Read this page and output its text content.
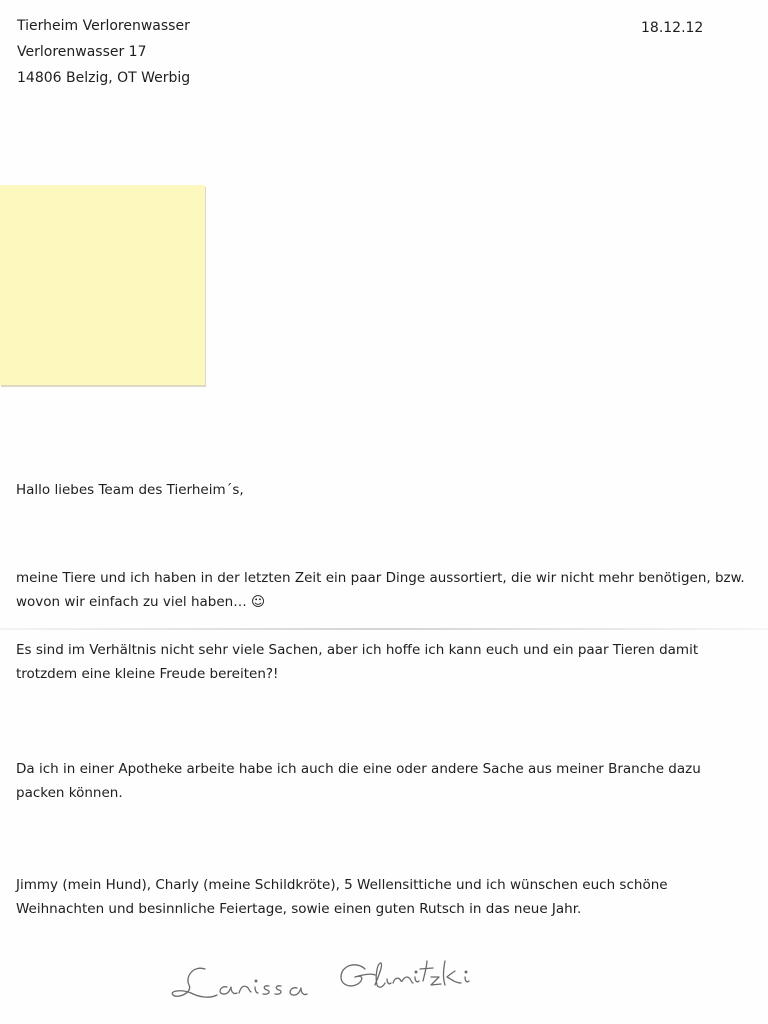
Tierheim Verlorenwasser
Verlorenwasser 17
14806 Belzig, OT Werbig
18.12.12

Hallo liebes Team des Tierheim´s,

meine Tiere und ich haben in der letzten Zeit ein paar Dinge aussortiert, die wir nicht mehr benötigen, bzw. wovon wir einfach zu viel haben… ☺

Es sind im Verhältnis nicht sehr viele Sachen, aber ich hoffe ich kann euch und ein paar Tieren damit trotzdem eine kleine Freude bereiten?!

Da ich in einer Apotheke arbeite habe ich auch die eine oder andere Sache aus meiner Branche dazu packen können.

Jimmy (mein Hund), Charly (meine Schildkröte), 5 Wellensittiche und ich wünschen euch schöne Weihnachten und besinnliche Feiertage, sowie einen guten Rutsch in das neue Jahr.
